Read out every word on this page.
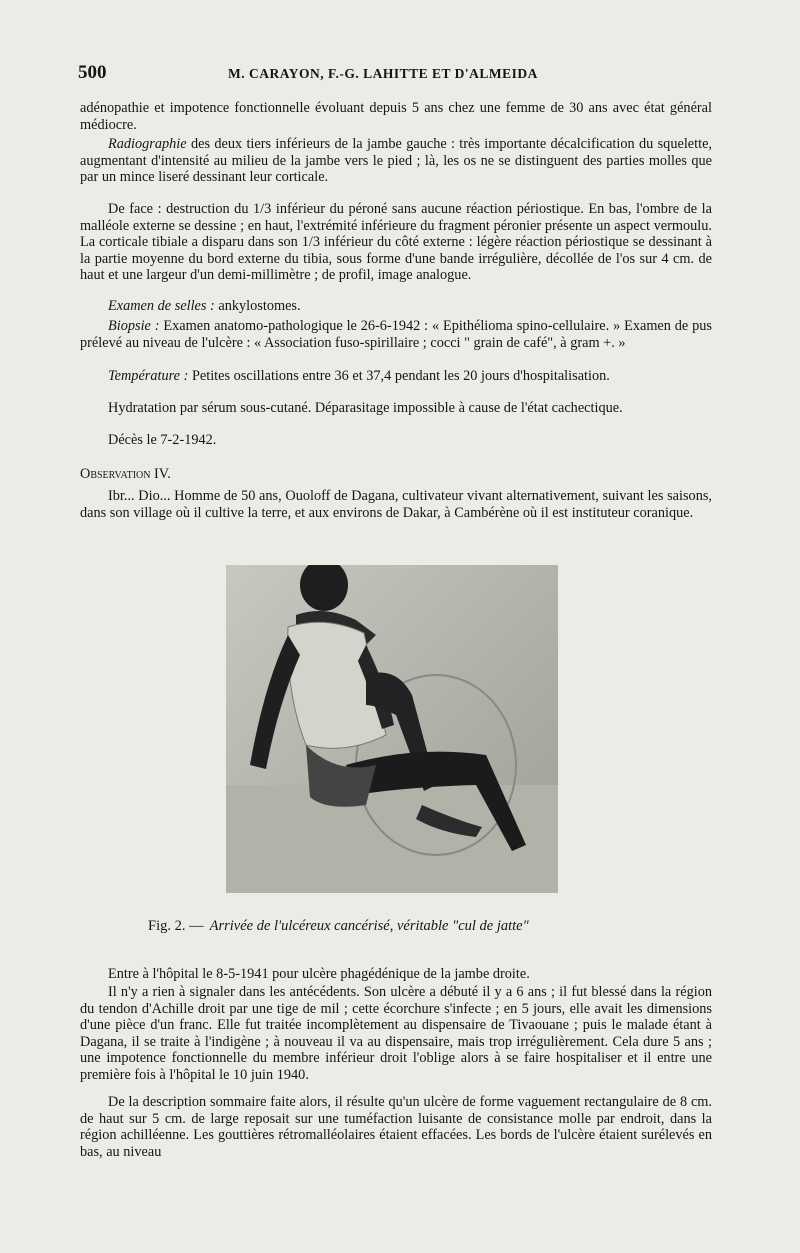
500	M. CARAYON, F.-G. LAHITTE ET D'ALMEIDA
adénopathie et impotence fonctionnelle évoluant depuis 5 ans chez une femme de 30 ans avec état général médiocre.
Radiographie des deux tiers inférieurs de la jambe gauche : très importante décalcification du squelette, augmentant d'intensité au milieu de la jambe vers le pied ; là, les os ne se distinguent des parties molles que par un mince liseré dessinant leur corticale.
De face : destruction du 1/3 inférieur du péroné sans aucune réaction périostique. En bas, l'ombre de la malléole externe se dessine ; en haut, l'extrémité inférieure du fragment péronier présente un aspect vermoulu. La corticale tibiale a disparu dans son 1/3 inférieur du côté externe : légère réaction périostique se dessinant à la partie moyenne du bord externe du tibia, sous forme d'une bande irrégulière, décollée de l'os sur 4 cm. de haut et une largeur d'un demi-millimètre ; de profil, image analogue.
Examen de selles : ankylostomes.
Biopsie : Examen anatomo-pathologique le 26-6-1942 : « Epithélioma spino-cellulaire. » Examen de pus prélevé au niveau de l'ulcère : « Association fuso-spirillaire ; cocci " grain de café", à gram +. »
Température : Petites oscillations entre 36 et 37,4 pendant les 20 jours d'hospitalisation.
Hydratation par sérum sous-cutané. Déparasitage impossible à cause de l'état cachectique.
Décès le 7-2-1942.
Observation IV.
Ibr... Dio... Homme de 50 ans, Ouoloff de Dagana, cultivateur vivant alternativement, suivant les saisons, dans son village où il cultive la terre, et aux environs de Dakar, à Cambérène où il est instituteur coranique.
Fig. 2. — Arrivée de l'ulcéreux cancérisé, véritable "cul de jatte"
Entre à l'hôpital le 8-5-1941 pour ulcère phagédénique de la jambe droite.
Il n'y a rien à signaler dans les antécédents. Son ulcère a débuté il y a 6 ans ; il fut blessé dans la région du tendon d'Achille droit par une tige de mil ; cette écorchure s'infecte ; en 5 jours, elle avait les dimensions d'une pièce d'un franc. Elle fut traitée incomplètement au dispensaire de Tivaouane ; puis le malade étant à Dagana, il se traite à l'indigène ; à nouveau il va au dispensaire, mais trop irrégulièrement. Cela dure 5 ans ; une impotence fonctionnelle du membre inférieur droit l'oblige alors à se faire hospitaliser et il entre une première fois à l'hôpital le 10 juin 1940.
De la description sommaire faite alors, il résulte qu'un ulcère de forme vaguement rectangulaire de 8 cm. de haut sur 5 cm. de large reposait sur une tuméfaction luisante de consistance molle par endroit, dans la région achilléenne. Les gouttières rétromalléolaires étaient effacées. Les bords de l'ulcère étaient surélevés en bas, au niveau
